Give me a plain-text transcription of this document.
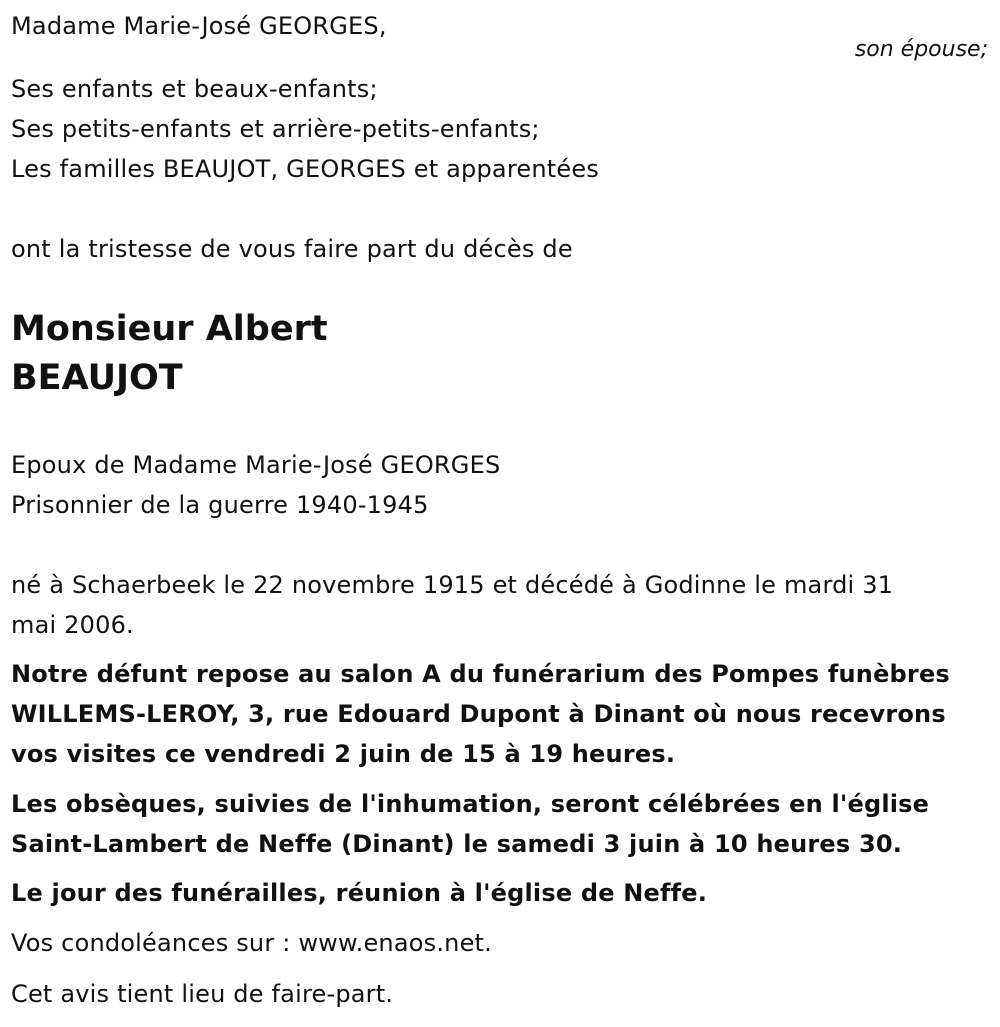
Madame Marie-José GEORGES,
son épouse;
Ses enfants et beaux-enfants;
Ses petits-enfants et arrière-petits-enfants;
Les familles BEAUJOT, GEORGES et apparentées
ont la tristesse de vous faire part du décès de
Monsieur Albert
BEAUJOT
Epoux de Madame Marie-José GEORGES
Prisonnier de la guerre 1940-1945
né à Schaerbeek le 22 novembre 1915 et décédé à Godinne le mardi 31
mai 2006.
Notre défunt repose au salon A du funérarium des Pompes funèbres
WILLEMS-LEROY, 3, rue Edouard Dupont à Dinant où nous recevrons
vos visites ce vendredi 2 juin de 15 à 19 heures.
Les obsèques, suivies de l'inhumation, seront célébrées en l'église
Saint-Lambert de Neffe (Dinant) le samedi 3 juin à 10 heures 30.
Le jour des funérailles, réunion à l'église de Neffe.
Vos condoléances sur : www.enaos.net.
Cet avis tient lieu de faire-part.
